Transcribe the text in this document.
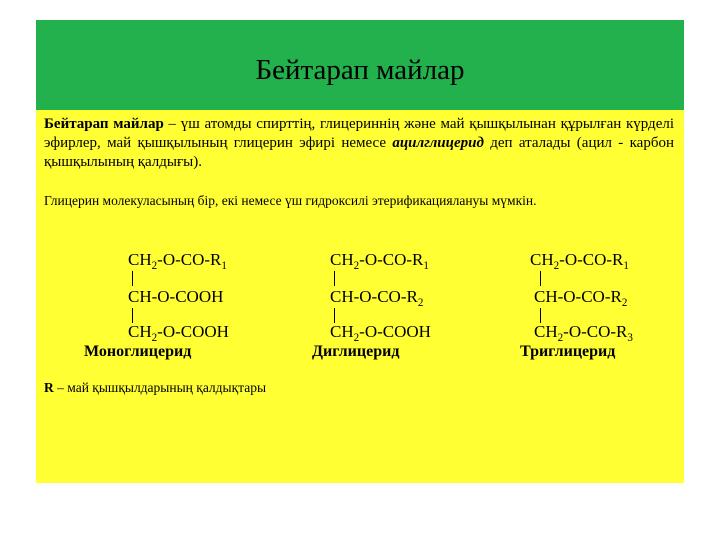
Бейтарап майлар

Бейтарап майлар – үш атомды спирттің, глицериннің және май қышқылынан құрылған күрделі эфирлер, май қышқылының глицерин эфирі немесе ацилглицерид деп аталады (ацил - карбон қышқылының қалдығы).

Глицерин молекуласының бір, екі немесе үш гидроксилі этерификациялануы мүмкін.

$CH_2-O-CO-R_1$
CH-O-COOH
$CH_2-O$-COOH
Моноглицерид
$CH_2-O-CO-R_1$
$CH-O-CO-R_2$
$CH_2-O$-COOH
Диглицерид
$CH_2-O-CO-R_1$
$CH-O-CO-R_2$
$CH_2-O-CO-R_3$
Триглицерид

R – май қышқылдарының қалдықтары
